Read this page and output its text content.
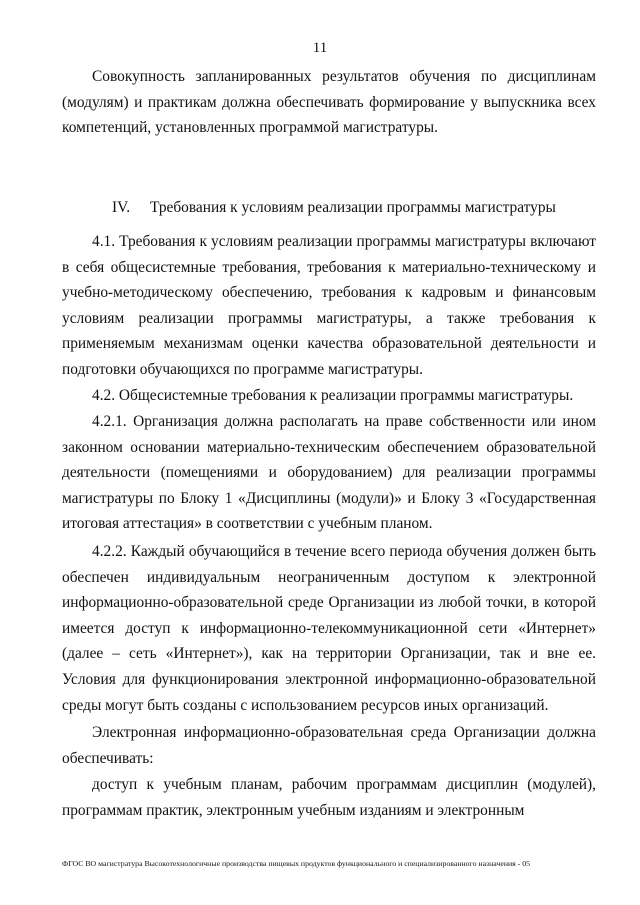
11

Совокупность запланированных результатов обучения по дисциплинам (модулям) и практикам должна обеспечивать формирование у выпускника всех компетенций, установленных программой магистратуры.

IV. Требования к условиям реализации программы магистратуры

4.1. Требования к условиям реализации программы магистратуры включают в себя общесистемные требования, требования к материально-техническому и учебно-методическому обеспечению, требования к кадровым и финансовым условиям реализации программы магистратуры, а также требования к применяемым механизмам оценки качества образовательной деятельности и подготовки обучающихся по программе магистратуры.

4.2. Общесистемные требования к реализации программы магистратуры.

4.2.1. Организация должна располагать на праве собственности или ином законном основании материально-техническим обеспечением образовательной деятельности (помещениями и оборудованием) для реализации программы магистратуры по Блоку 1 «Дисциплины (модули)» и Блоку 3 «Государственная итоговая аттестация» в соответствии с учебным планом.

4.2.2. Каждый обучающийся в течение всего периода обучения должен быть обеспечен индивидуальным неограниченным доступом к электронной информационно-образовательной среде Организации из любой точки, в которой имеется доступ к информационно-телекоммуникационной сети «Интернет» (далее – сеть «Интернет»), как на территории Организации, так и вне ее. Условия для функционирования электронной информационно-образовательной среды могут быть созданы с использованием ресурсов иных организаций.

Электронная информационно-образовательная среда Организации должна обеспечивать:

доступ к учебным планам, рабочим программам дисциплин (модулей), программам практик, электронным учебным изданиям и электронным

ФГОС ВО магистратура Высокотехнологичные производства пищевых продуктов функционального и специализированного назначения - 05
